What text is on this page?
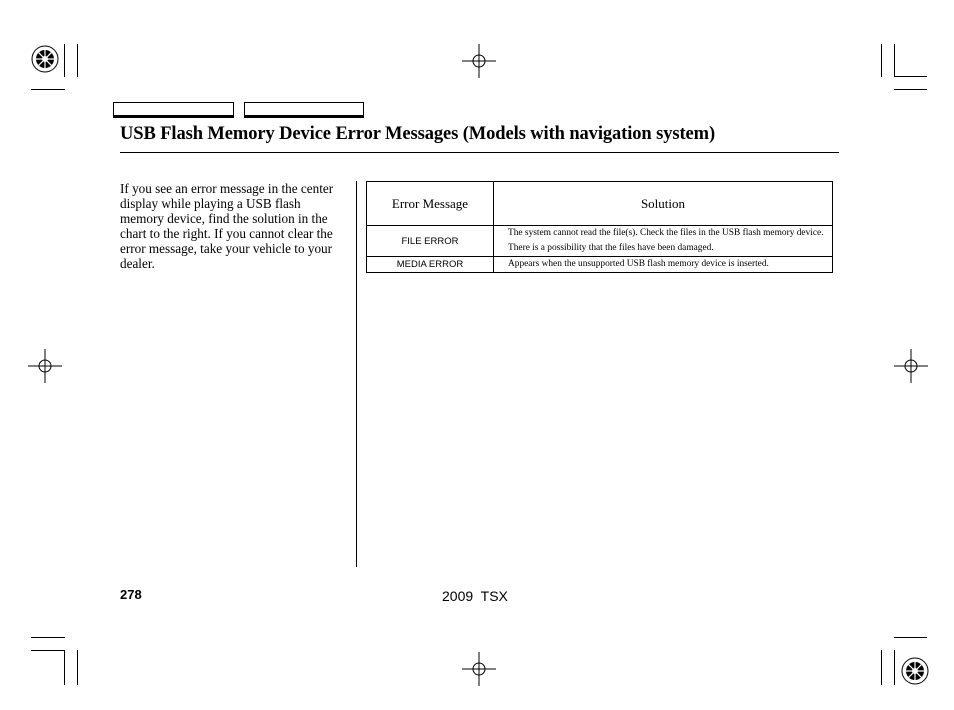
USB Flash Memory Device Error Messages (Models with navigation system)
If you see an error message in the center display while playing a USB flash memory device, find the solution in the chart to the right. If you cannot clear the error message, take your vehicle to your dealer.
Error Message	Solution
FILE ERROR	The system cannot read the file(s). Check the files in the USB flash memory device. There is a possibility that the files have been damaged.
MEDIA ERROR	Appears when the unsupported USB flash memory device is inserted.
278	2009  TSX
